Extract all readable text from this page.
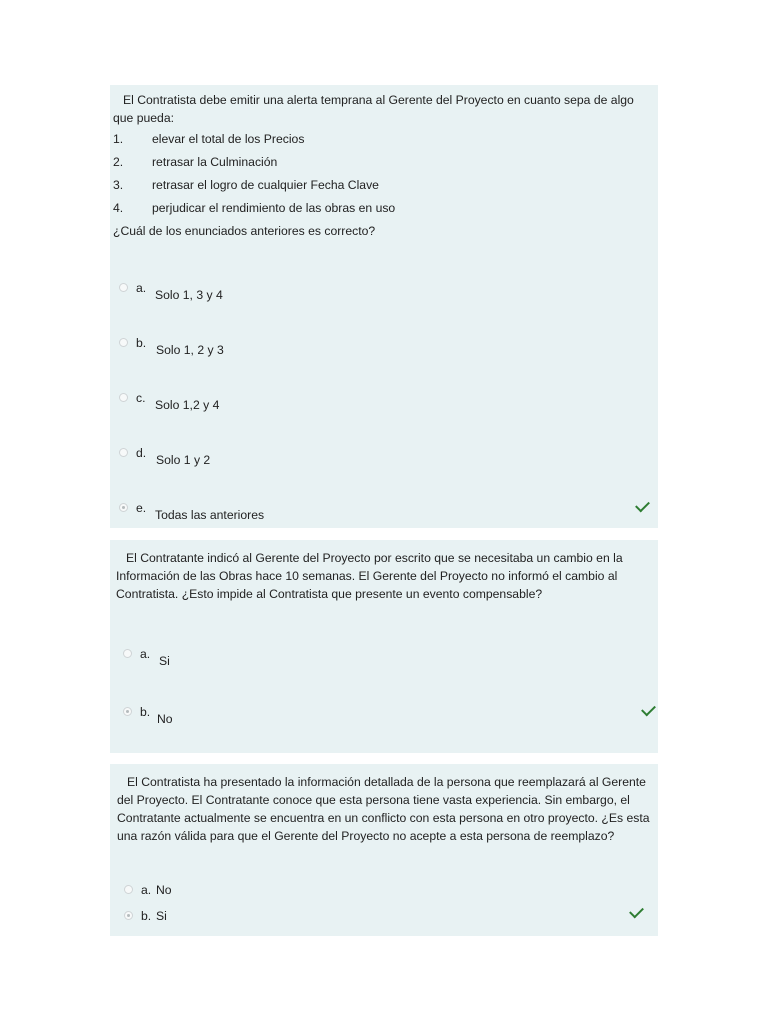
El Contratista debe emitir una alerta temprana al Gerente del Proyecto en cuanto sepa de algo que pueda:

1.	elevar el total de los Precios
2.	retrasar la Culminación
3.	retrasar el logro de cualquier Fecha Clave
4.	perjudicar el rendimiento de las obras en uso
¿Cuál de los enunciados anteriores es correcto?
a. Solo 1, 3 y 4
b. Solo 1, 2 y 3
c. Solo 1,2 y 4
d. Solo 1 y 2
e. Todas las anteriores

El Contratante indicó al Gerente del Proyecto por escrito que se necesitaba un cambio en la Información de las Obras hace 10 semanas. El Gerente del Proyecto no informó el cambio al Contratista. ¿Esto impide al Contratista que presente un evento compensable?

a. Si
b. No

El Contratista ha presentado la información detallada de la persona que reemplazará al Gerente del Proyecto. El Contratante conoce que esta persona tiene vasta experiencia. Sin embargo, el Contratante actualmente se encuentra en un conflicto con esta persona en otro proyecto. ¿Es esta una razón válida para que el Gerente del Proyecto no acepte a esta persona de reemplazo?

a. No
b. Si
